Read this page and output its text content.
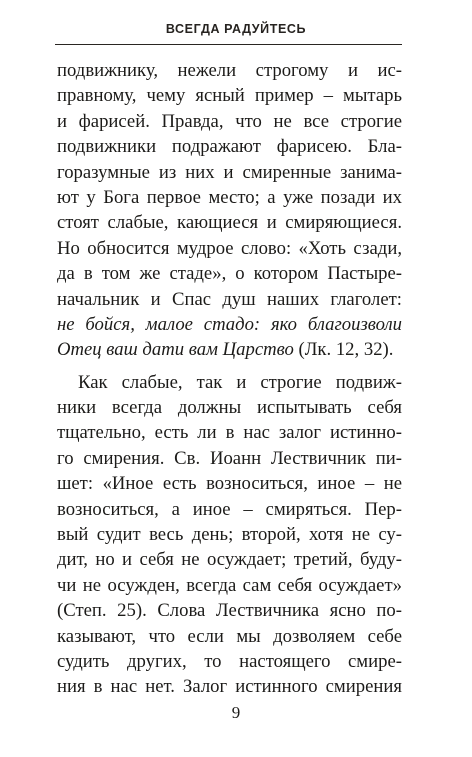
ВСЕГДА РАДУЙТЕСЬ
подвижнику, нежели строгому и ис-
правному, чему ясный пример – мытарь
и фарисей. Правда, что не все строгие
подвижники подражают фарисею. Бла-
горазумные из них и смиренные занима-
ют у Бога первое место; а уже позади их
стоят слабые, кающиеся и смиряющиеся.
Но обносится мудрое слово: «Хоть сзади,
да в том же стаде», о котором Пастыре-
начальник и Спас душ наших глаголет:
не бойся, малое стадо: яко благоизволи
Отец ваш дати вам Царство (Лк. 12, 32).
Как слабые, так и строгие подвиж-
ники всегда должны испытывать себя
тщательно, есть ли в нас залог истинно-
го смирения. Св. Иоанн Лествичник пи-
шет: «Иное есть возноситься, иное – не
возноситься, а иное – смиряться. Пер-
вый судит весь день; второй, хотя не су-
дит, но и себя не осуждает; третий, буду-
чи не осужден, всегда сам себя осуждает»
(Степ. 25). Слова Лествичника ясно по-
казывают, что если мы дозволяем себе
судить других, то настоящего смире-
ния в нас нет. Залог истинного смирения
9
